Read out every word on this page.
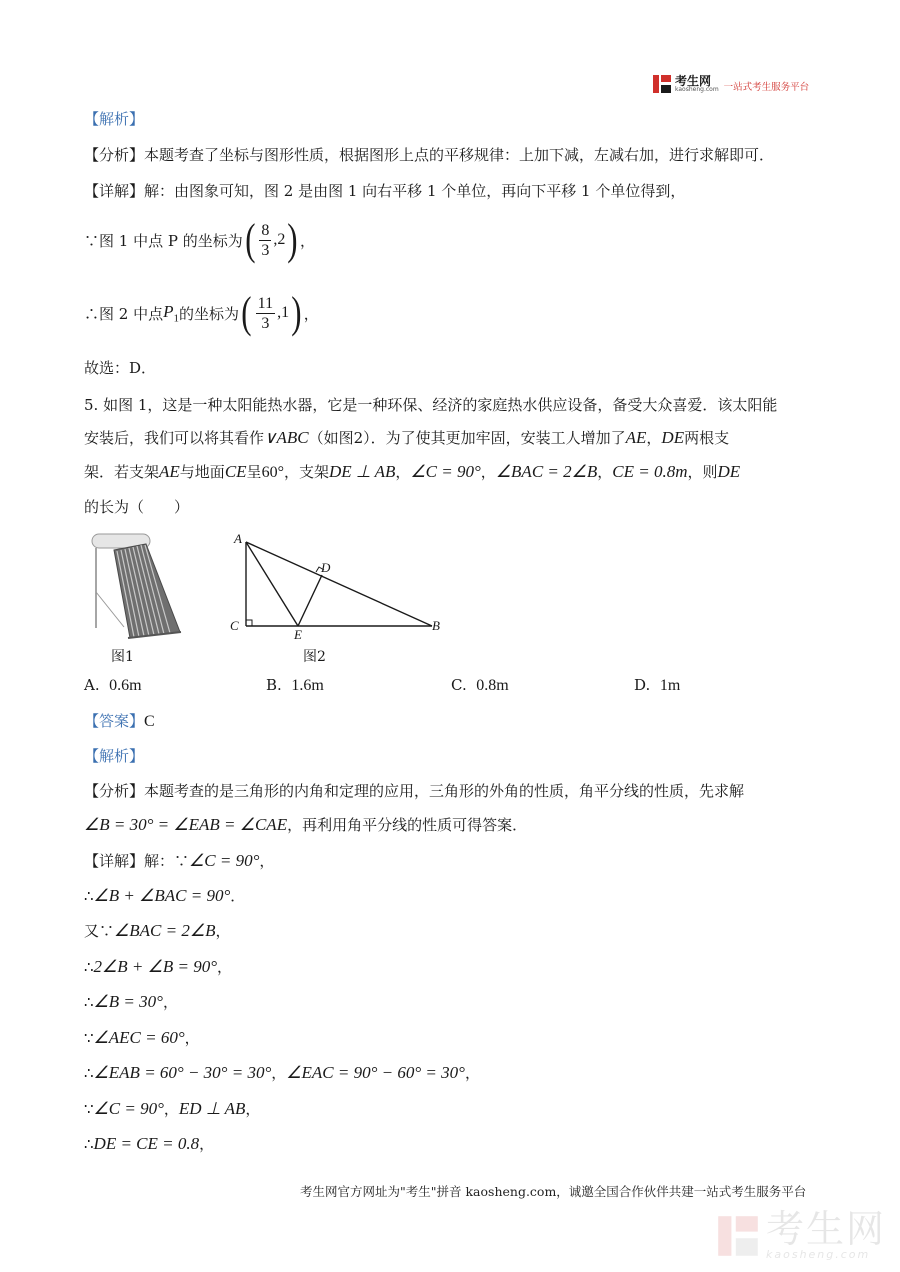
考生网
kaosheng.com 一站式考生服务平台
【解析】
【分析】本题考查了坐标与图形性质，根据图形上点的平移规律：上加下减，左减右加，进行求解即可．
【详解】解：由图象可知，图 2 是由图 1 向右平移 1 个单位，再向下平移 1 个单位得到，
∵图 1 中点 P 的坐标为 ( $\frac{8}{3} ,2$ ) ，
∴图 2 中点 $P_1$ 的坐标为 ( $\frac{11}{3} ,1$ ) ，
故选：D．
5. 如图 1，这是一种太阳能热水器，它是一种环保、经济的家庭热水供应设备，备受大众喜爱．该太阳能
安装后，我们可以将其看作∨ABC（如图2）．为了使其更加牢固，安装工人增加了AE，DE两根支
架．若支架AE与地面CE呈60°，支架DE ⊥ AB，∠C = 90°，∠BAC = 2∠B，CE = 0.8m，则DE
的长为（　　）
图1
A
C
E
D
B
图2
A. 0.6m	B. 1.6m	C. 0.8m	D. 1m
【答案】C
【解析】
【分析】本题考查的是三角形的内角和定理的应用，三角形的外角的性质，角平分线的性质，先求解
∠B = 30° = ∠EAB = ∠CAE，再利用角平分线的性质可得答案．
【详解】解：∵∠C = 90°，
∴∠B + ∠BAC = 90°．
又∵∠BAC = 2∠B，
∴2∠B + ∠B = 90°，
∴∠B = 30°，
∵∠AEC = 60°，
∴∠EAB = 60° − 30° = 30°，∠EAC = 90° − 60° = 30°，
∵∠C = 90°，ED ⊥ AB，
∴DE = CE = 0.8，
考生网官方网址为"考生"拼音 kaosheng.com，诚邀全国合作伙伴共建一站式考生服务平台
考生网
kaosheng.com
